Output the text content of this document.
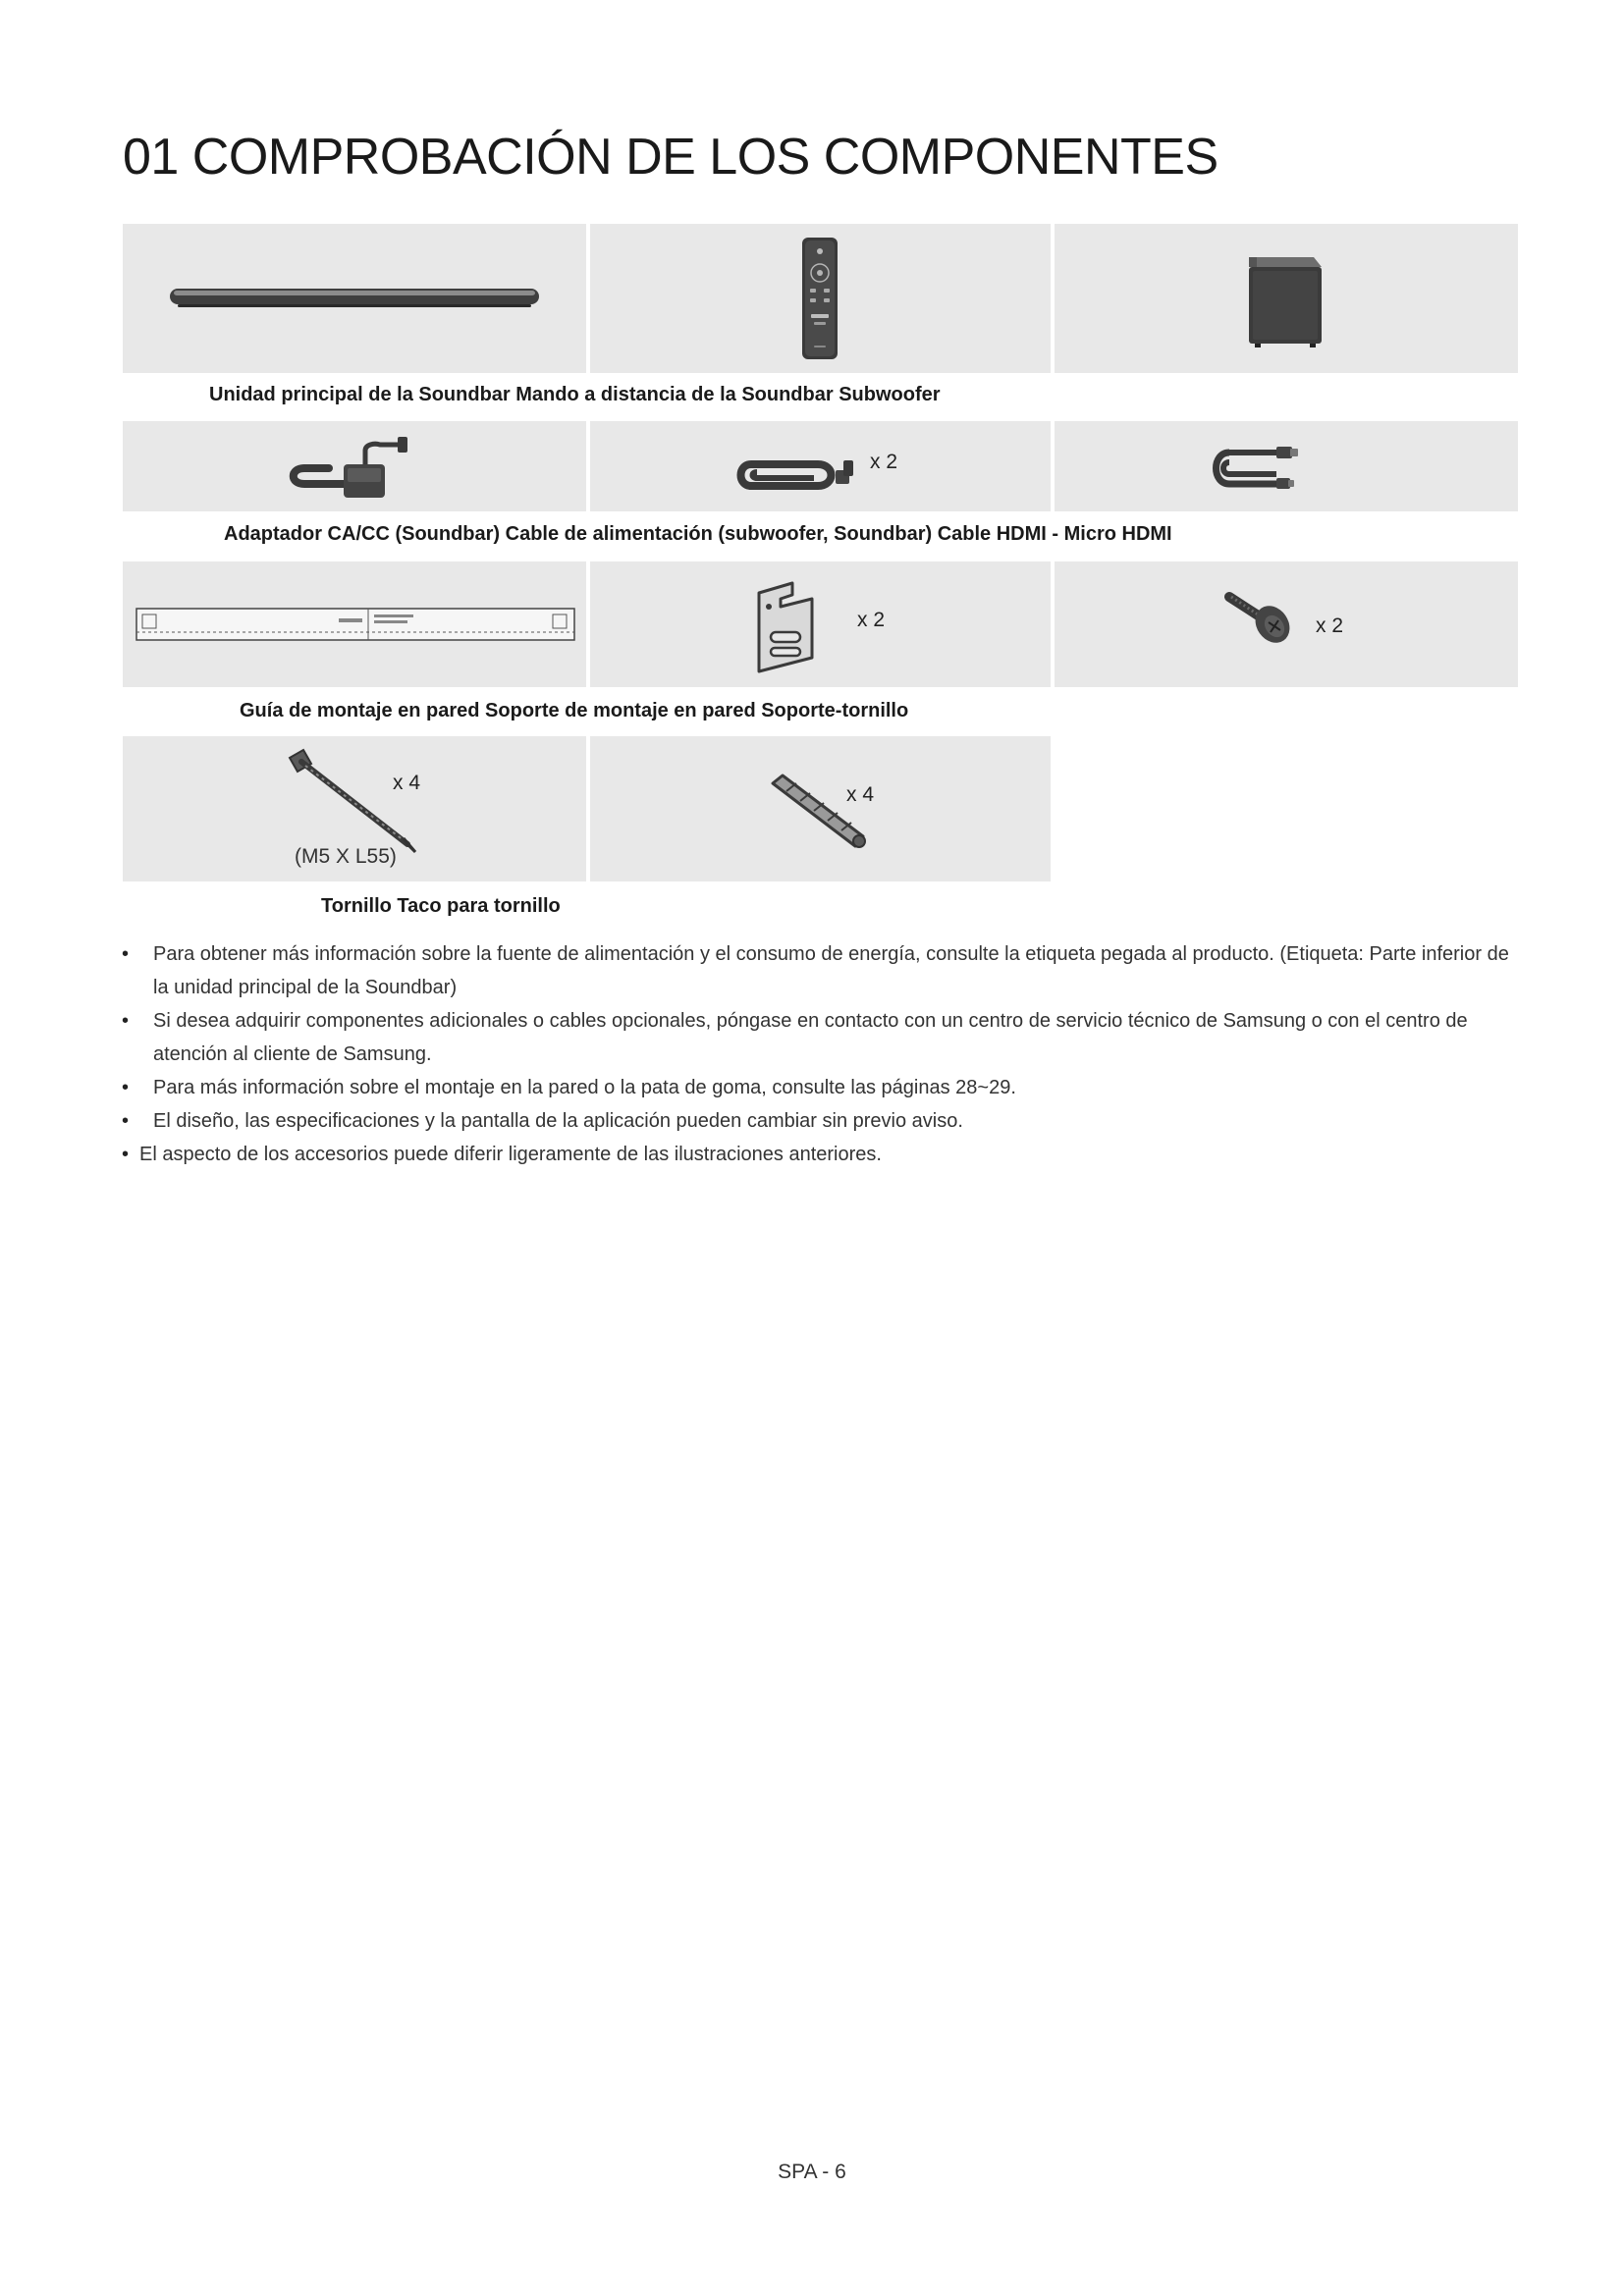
01 COMPROBACIÓN DE LOS COMPONENTES
Unidad principal de la Soundbar Mando a distancia de la Soundbar Subwoofer
x 2
Adaptador CA/CC (Soundbar) Cable de alimentación (subwoofer, Soundbar) Cable HDMI - Micro HDMI
x 2	x 2
Guía de montaje en pared Soporte de montaje en pared Soporte-tornillo
x 4
(M5 X L55)
x 4
Tornillo Taco para tornillo
• Para obtener más información sobre la fuente de alimentación y el consumo de energía, consulte la etiqueta pegada al producto. (Etiqueta: Parte inferior de la unidad principal de la Soundbar)
• Si desea adquirir componentes adicionales o cables opcionales, póngase en contacto con un centro de servicio técnico de Samsung o con el centro de atención al cliente de Samsung.
• Para más información sobre el montaje en la pared o la pata de goma, consulte las páginas 28~29.
• El diseño, las especificaciones y la pantalla de la aplicación pueden cambiar sin previo aviso.
• El aspecto de los accesorios puede diferir ligeramente de las ilustraciones anteriores.
SPA - 6
